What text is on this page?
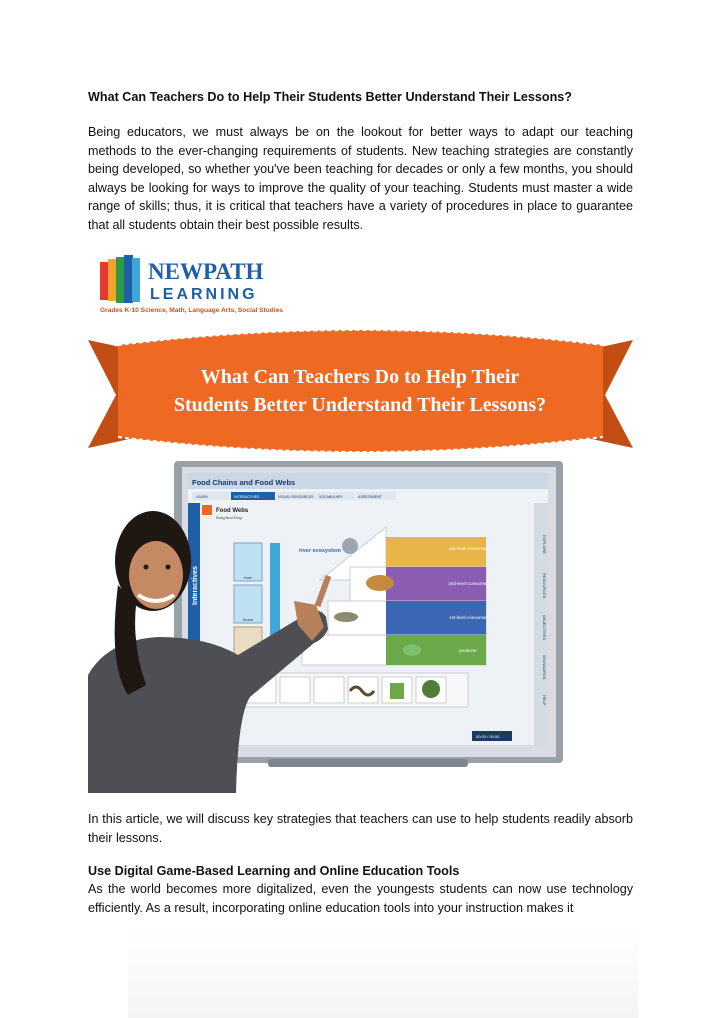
What Can Teachers Do to Help Their Students Better Understand Their Lessons?
Being educators, we must always be on the lookout for better ways to adapt our teaching methods to the ever-changing requirements of students. New teaching strategies are constantly being developed, so whether you've been teaching for decades or only a few months, you should always be looking for ways to improve the quality of your teaching. Students must master a wide range of skills; thus, it is critical that teachers have a variety of procedures in place to guarantee that all students obtain their best possible results.
In this article, we will discuss key strategies that teachers can use to help students readily absorb their lessons.
Use Digital Game-Based Learning and Online Education Tools
As the world becomes more digitalized, even the youngests students can now use technology efficiently. As a result, incorporating online education tools into your instruction makes it
NEWPATH
LEARNING
Grades K-10 Science, Math, Language Arts, Social Studies
What Can Teachers Do to Help Their
Students Better Understand Their Lessons?
Food Chains and Food Webs
LEARN	INTERACTIVES	VISUAL RESOURCES VOCABULARY	ASSESSMENT
Interactives
Food Webs
Drag And Drop
river
forest
top-level consumer
2nd-level consumer
1st-level consumer
producer
river ecosystem	EXPLORE
RESOURCES
OBJECTIVES
STANDARDS
HELP
00:00 / 00:00
